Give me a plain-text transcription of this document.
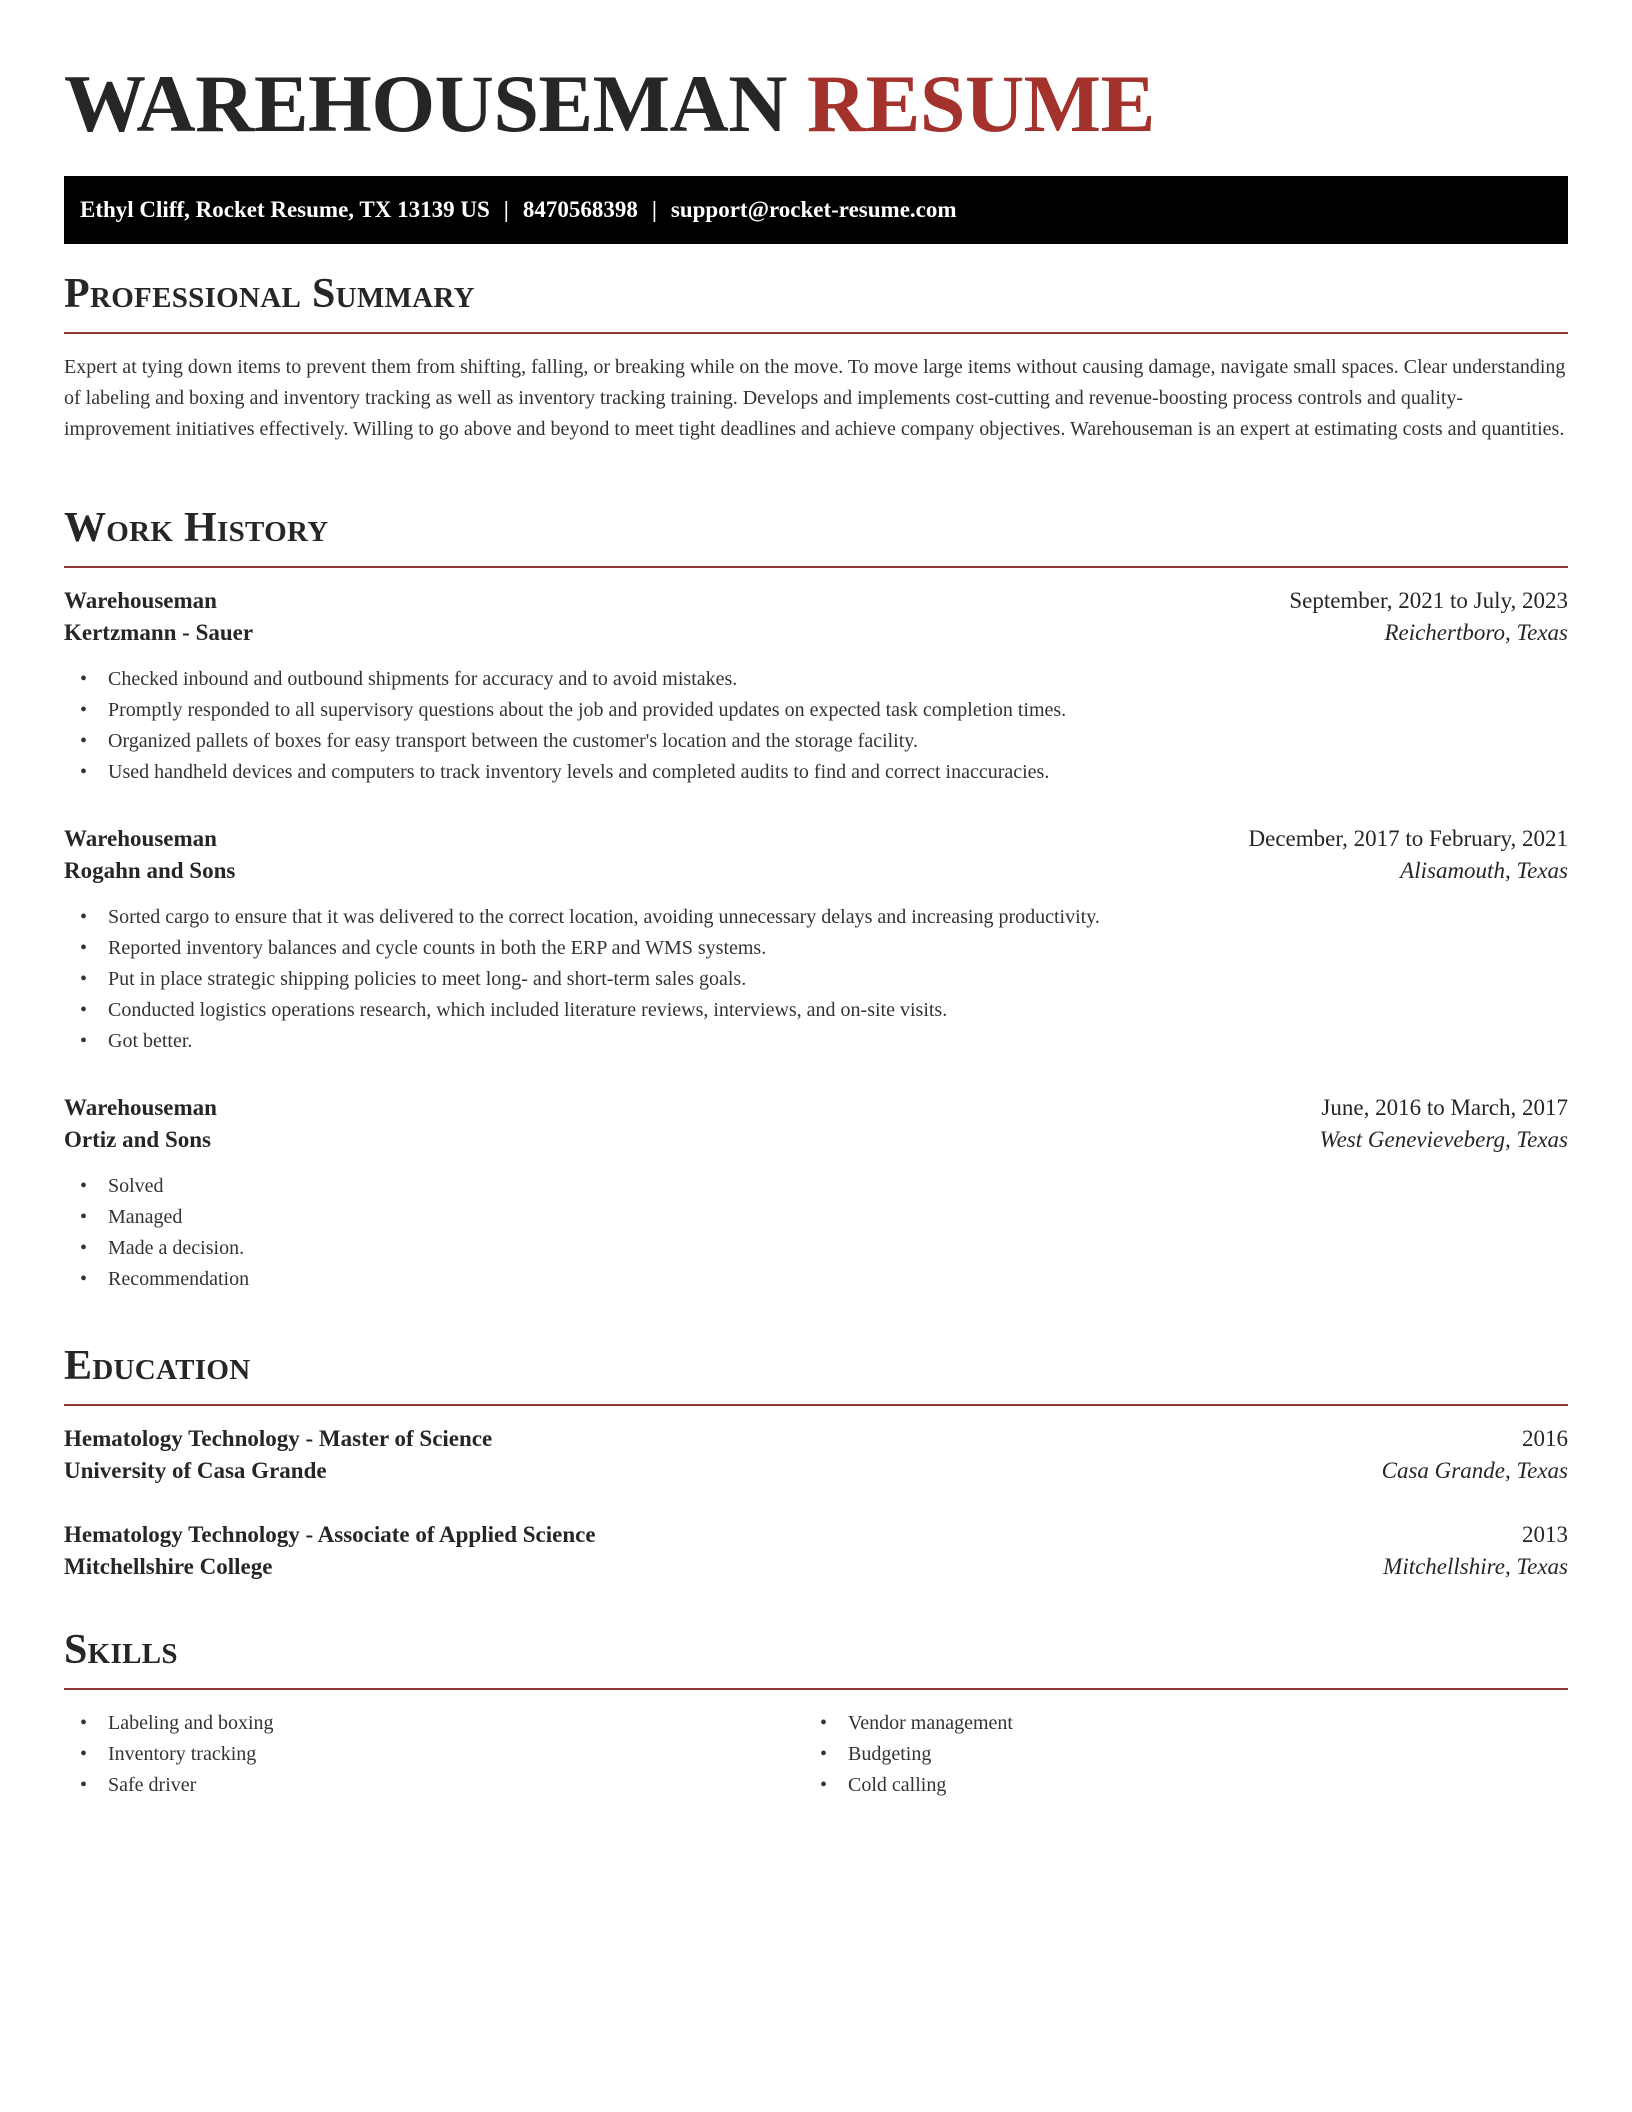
WAREHOUSEMAN RESUME
Ethyl Cliff, Rocket Resume, TX 13139 US | 8470568398 | support@rocket-resume.com
Professional Summary

Expert at tying down items to prevent them from shifting, falling, or breaking while on the move. To move large items without causing damage, navigate small spaces. Clear understanding of labeling and boxing and inventory tracking as well as inventory tracking training. Develops and implements cost-cutting and revenue-boosting process controls and quality-improvement initiatives effectively. Willing to go above and beyond to meet tight deadlines and achieve company objectives. Warehouseman is an expert at estimating costs and quantities.

Work History
Warehouseman	September, 2021 to July, 2023
Kertzmann - Sauer	Reichertboro, Texas
• Checked inbound and outbound shipments for accuracy and to avoid mistakes.
• Promptly responded to all supervisory questions about the job and provided updates on expected task completion times.
• Organized pallets of boxes for easy transport between the customer's location and the storage facility.
• Used handheld devices and computers to track inventory levels and completed audits to find and correct inaccuracies.
Warehouseman	December, 2017 to February, 2021
Rogahn and Sons	Alisamouth, Texas
• Sorted cargo to ensure that it was delivered to the correct location, avoiding unnecessary delays and increasing productivity.
• Reported inventory balances and cycle counts in both the ERP and WMS systems.
• Put in place strategic shipping policies to meet long- and short-term sales goals.
• Conducted logistics operations research, which included literature reviews, interviews, and on-site visits.
• Got better.
Warehouseman	June, 2016 to March, 2017
Ortiz and Sons	West Genevieveberg, Texas
• Solved
• Managed
• Made a decision.
• Recommendation
Education
Hematology Technology - Master of Science	2016
University of Casa Grande	Casa Grande, Texas
Hematology Technology - Associate of Applied Science	2013
Mitchellshire College	Mitchellshire, Texas
Skills
• Labeling and boxing
• Inventory tracking
• Safe driver
• Vendor management
• Budgeting
• Cold calling
